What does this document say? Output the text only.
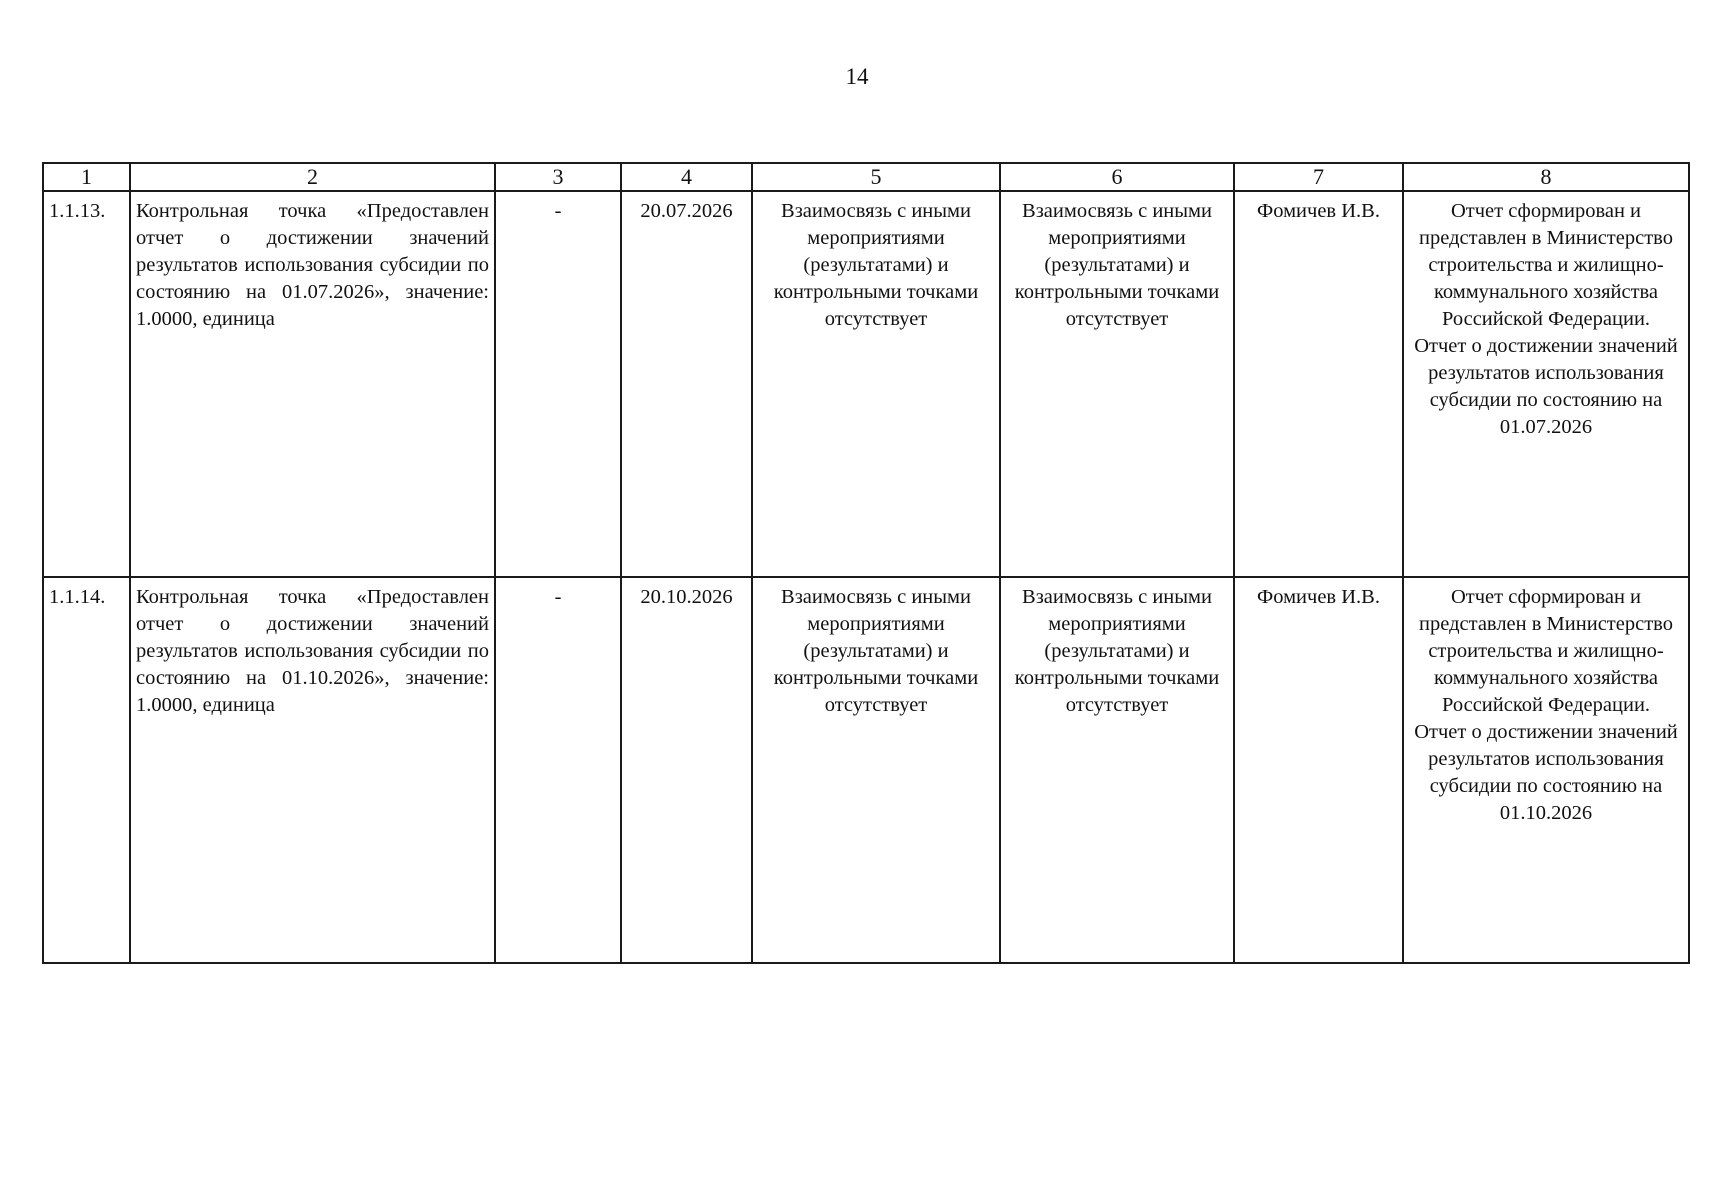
14
1	2	3	4	5	6	7	8
1.1.13.	Контрольная точка «Предоставлен отчет о достижении значений результатов использования субсидии по состоянию на 01.07.2026», значение: 1.0000, единица	-	20.07.2026	Взаимосвязь с иными мероприятиями (результатами) и контрольными точками отсутствует	Взаимосвязь с иными мероприятиями (результатами) и контрольными точками отсутствует	Фомичев И.В.	Отчет сформирован и представлен в Министерство строительства и жилищно-коммунального хозяйства Российской Федерации.
Отчет о достижении значений результатов использования субсидии по состоянию на 01.07.2026
1.1.14.	Контрольная точка «Предоставлен отчет о достижении значений результатов использования субсидии по состоянию на 01.10.2026», значение: 1.0000, единица	-	20.10.2026	Взаимосвязь с иными мероприятиями (результатами) и контрольными точками отсутствует	Взаимосвязь с иными мероприятиями (результатами) и контрольными точками отсутствует	Фомичев И.В.	Отчет сформирован и представлен в Министерство строительства и жилищно-коммунального хозяйства Российской Федерации.
Отчет о достижении значений результатов использования субсидии по состоянию на 01.10.2026
